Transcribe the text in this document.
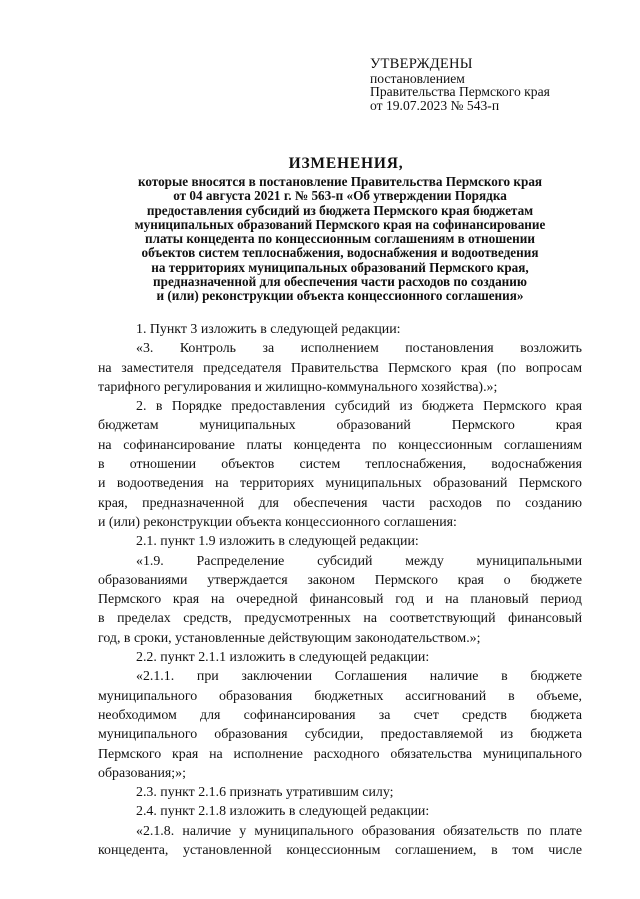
УТВЕРЖДЕНЫ
постановлением
Правительства Пермского края
от 19.07.2023 № 543-п
ИЗМЕНЕНИЯ,
которые вносятся в постановление Правительства Пермского края
от 04 августа 2021 г. № 563-п «Об утверждении Порядка
предоставления субсидий из бюджета Пермского края бюджетам
муниципальных образований Пермского края на софинансирование
платы концедента по концессионным соглашениям в отношении
объектов систем теплоснабжения, водоснабжения и водоотведения
на территориях муниципальных образований Пермского края,
предназначенной для обеспечения части расходов по созданию
и (или) реконструкции объекта концессионного соглашения»

1. Пункт 3 изложить в следующей редакции:

«3. Контроль за исполнением постановления возложить
на заместителя председателя Правительства Пермского края (по вопросам
тарифного регулирования и жилищно-коммунального хозяйства).»;

2. в Порядке предоставления субсидий из бюджета Пермского края
бюджетам муниципальных образований Пермского края
на софинансирование платы концедента по концессионным соглашениям
в отношении объектов систем теплоснабжения, водоснабжения
и водоотведения на территориях муниципальных образований Пермского
края, предназначенной для обеспечения части расходов по созданию
и (или) реконструкции объекта концессионного соглашения:

2.1. пункт 1.9 изложить в следующей редакции:

«1.9. Распределение субсидий между муниципальными
образованиями утверждается законом Пермского края о бюджете
Пермского края на очередной финансовый год и на плановый период
в пределах средств, предусмотренных на соответствующий финансовый
год, в сроки, установленные действующим законодательством.»;

2.2. пункт 2.1.1 изложить в следующей редакции:

«2.1.1. при заключении Соглашения наличие в бюджете
муниципального образования бюджетных ассигнований в объеме,
необходимом для софинансирования за счет средств бюджета
муниципального образования субсидии, предоставляемой из бюджета
Пермского края на исполнение расходного обязательства муниципального
образования;»;

2.3. пункт 2.1.6 признать утратившим силу;

2.4. пункт 2.1.8 изложить в следующей редакции:

«2.1.8. наличие у муниципального образования обязательств по плате
концедента, установленной концессионным соглашением, в том числе
